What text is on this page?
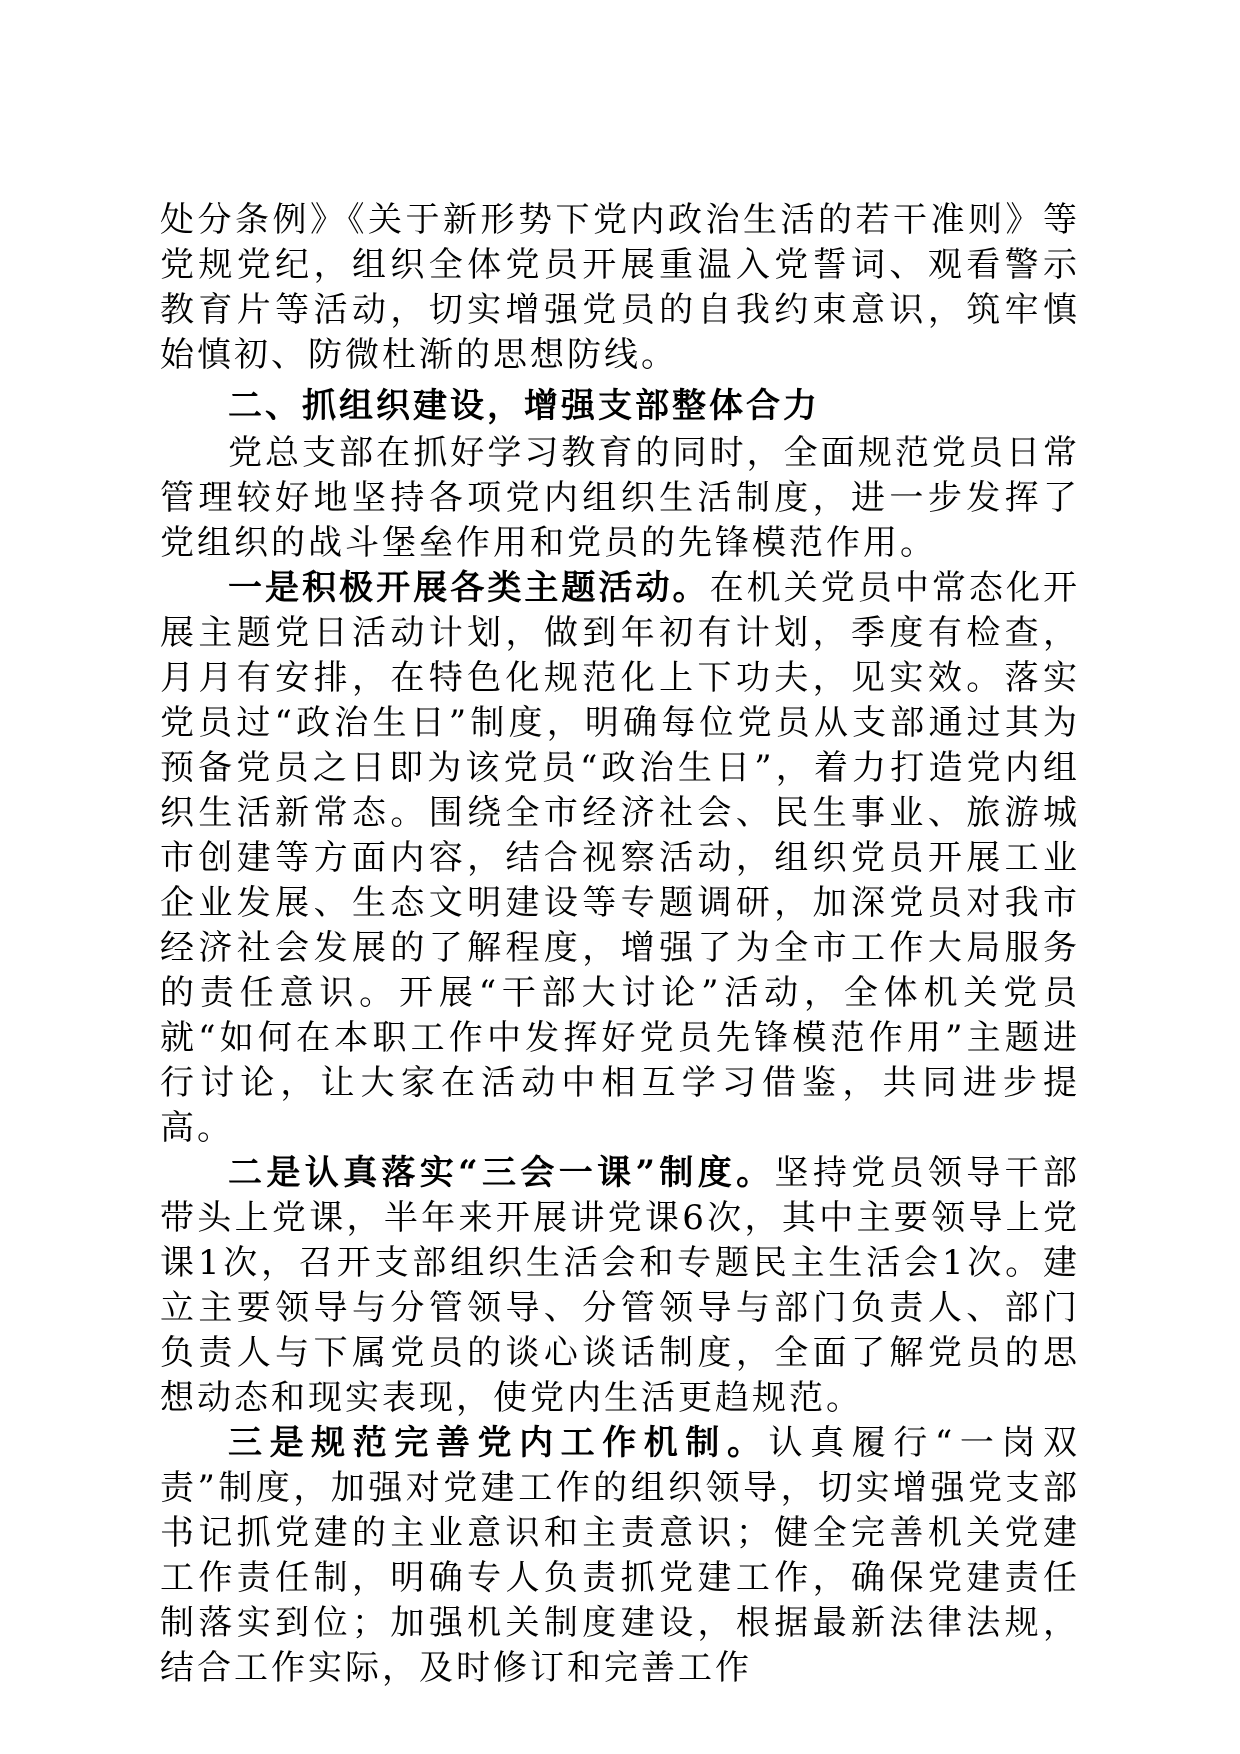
处分条例》《关于新形势下党内政治生活的若干准则》等党规党纪，组织全体党员开展重温入党誓词、观看警示教育片等活动，切实增强党员的自我约束意识，筑牢慎始慎初、防微杜渐的思想防线。

二、抓组织建设，增强支部整体合力

党总支部在抓好学习教育的同时，全面规范党员日常管理较好地坚持各项党内组织生活制度，进一步发挥了党组织的战斗堡垒作用和党员的先锋模范作用。

一是积极开展各类主题活动。在机关党员中常态化开展主题党日活动计划，做到年初有计划，季度有检查，月月有安排，在特色化规范化上下功夫，见实效。落实党员过“政治生日”制度，明确每位党员从支部通过其为预备党员之日即为该党员“政治生日”，着力打造党内组织生活新常态。围绕全市经济社会、民生事业、旅游城市创建等方面内容，结合视察活动，组织党员开展工业企业发展、生态文明建设等专题调研，加深党员对我市经济社会发展的了解程度，增强了为全市工作大局服务的责任意识。开展“干部大讨论”活动，全体机关党员就“如何在本职工作中发挥好党员先锋模范作用”主题进行讨论，让大家在活动中相互学习借鉴，共同进步提高。

二是认真落实“三会一课”制度。坚持党员领导干部带头上党课，半年来开展讲党课6次，其中主要领导上党课1次，召开支部组织生活会和专题民主生活会1次。建立主要领导与分管领导、分管领导与部门负责人、部门负责人与下属党员的谈心谈话制度，全面了解党员的思想动态和现实表现，使党内生活更趋规范。

三是规范完善党内工作机制。认真履行“一岗双责”制度，加强对党建工作的组织领导，切实增强党支部书记抓党建的主业意识和主责意识；健全完善机关党建工作责任制，明确专人负责抓党建工作，确保党建责任制落实到位；加强机关制度建设，根据最新法律法规，结合工作实际，及时修订和完善工作
